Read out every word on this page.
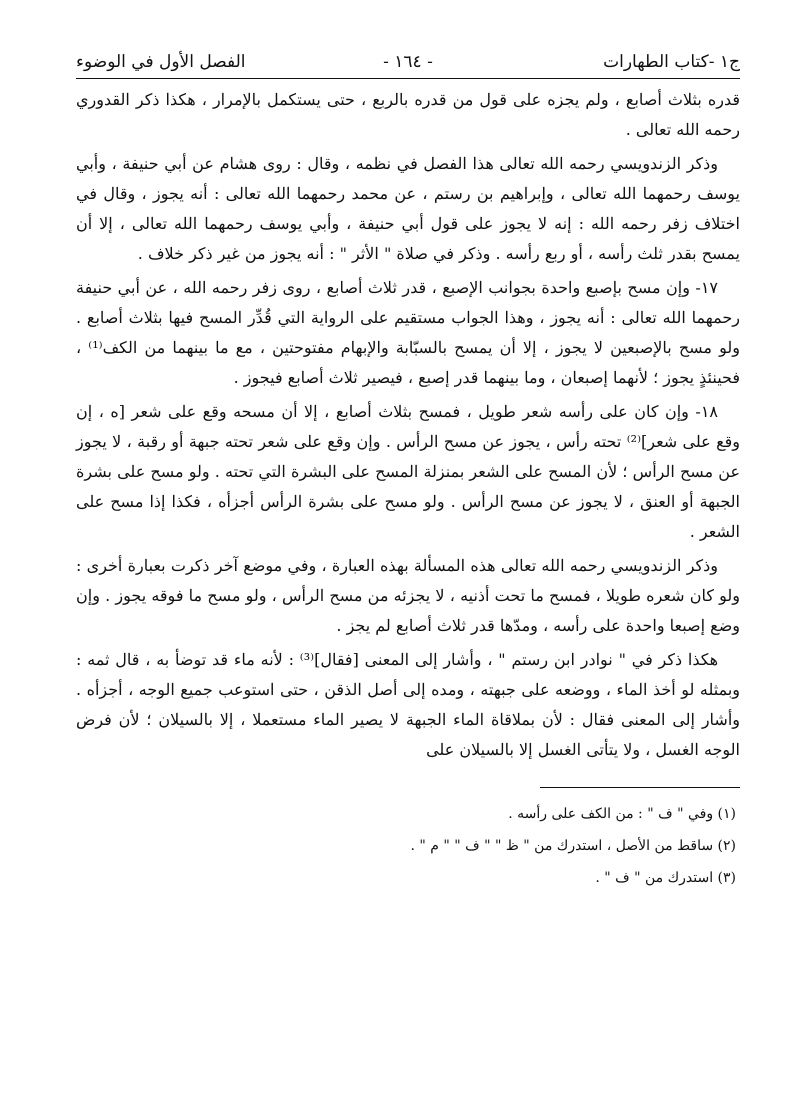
ج١ -كتاب الطهارات
- ١٦٤ -
الفصل الأول في الوضوء

قدره بثلاث أصابع ، ولم يجزه على قول من قدره بالربع ، حتى يستكمل بالإمرار ، هكذا ذكر القدوري رحمه الله تعالى .

وذكر الزندويسي رحمه الله تعالى هذا الفصل في نظمه ، وقال : روى هشام عن أبي حنيفة ، وأبي يوسف رحمهما الله تعالى ، وإبراهيم بن رستم ، عن محمد رحمهما الله تعالى : أنه يجوز ، وقال في اختلاف زفر رحمه الله : إنه لا يجوز على قول أبي حنيفة ، وأبي يوسف رحمهما الله تعالى ، إلا أن يمسح بقدر ثلث رأسه ، أو ربع رأسه . وذكر في صلاة " الأثر " : أنه يجوز من غير ذكر خلاف .

١٧- وإن مسح بإصبع واحدة بجوانب الإصبع ، قدر ثلاث أصابع ، روى زفر رحمه الله ، عن أبي حنيفة رحمهما الله تعالى : أنه يجوز ، وهذا الجواب مستقيم على الرواية التي قُدِّر المسح فيها بثلاث أصابع . ولو مسح بالإصبعين لا يجوز ، إلا أن يمسح بالسبّابة والإبهام مفتوحتين ، مع ما بينهما من الكف⁽¹⁾ ، فحينئذٍ يجوز ؛ لأنهما إصبعان ، وما بينهما قدر إصبع ، فيصير ثلاث أصابع فيجوز .

١٨- وإن كان على رأسه شعر طويل ، فمسح بثلاث أصابع ، إلا أن مسحه وقع على شعر [ه ، إن وقع على شعر]⁽²⁾ تحته رأس ، يجوز عن مسح الرأس . وإن وقع على شعر تحته جبهة أو رقبة ، لا يجوز عن مسح الرأس ؛ لأن المسح على الشعر بمنزلة المسح على البشرة التي تحته . ولو مسح على بشرة الجبهة أو العنق ، لا يجوز عن مسح الرأس . ولو مسح على بشرة الرأس أجزأه ، فكذا إذا مسح على الشعر .

وذكر الزندويسي رحمه الله تعالى هذه المسألة بهذه العبارة ، وفي موضع آخر ذكرت بعبارة أخرى : ولو كان شعره طويلا ، فمسح ما تحت أذنيه ، لا يجزئه من مسح الرأس ، ولو مسح ما فوقه يجوز . وإن وضع إصبعا واحدة على رأسه ، ومدّها قدر ثلاث أصابع لم يجز .

هكذا ذكر في " نوادر ابن رستم " ، وأشار إلى المعنى [فقال]⁽³⁾ : لأنه ماء قد توضأ به ، قال ثمه : وبمثله لو أخذ الماء ، ووضعه على جبهته ، ومده إلى أصل الذقن ، حتى استوعب جميع الوجه ، أجزأه . وأشار إلى المعنى فقال : لأن بملاقاة الماء الجبهة لا يصير الماء مستعملا ، إلا بالسيلان ؛ لأن فرض الوجه الغسل ، ولا يتأتى الغسل إلا بالسيلان على

(١) وفي " ف " : من الكف على رأسه .

(٢) ساقط من الأصل ، استدرك من " ظ " " ف " " م " .

(٣) استدرك من " ف " .
